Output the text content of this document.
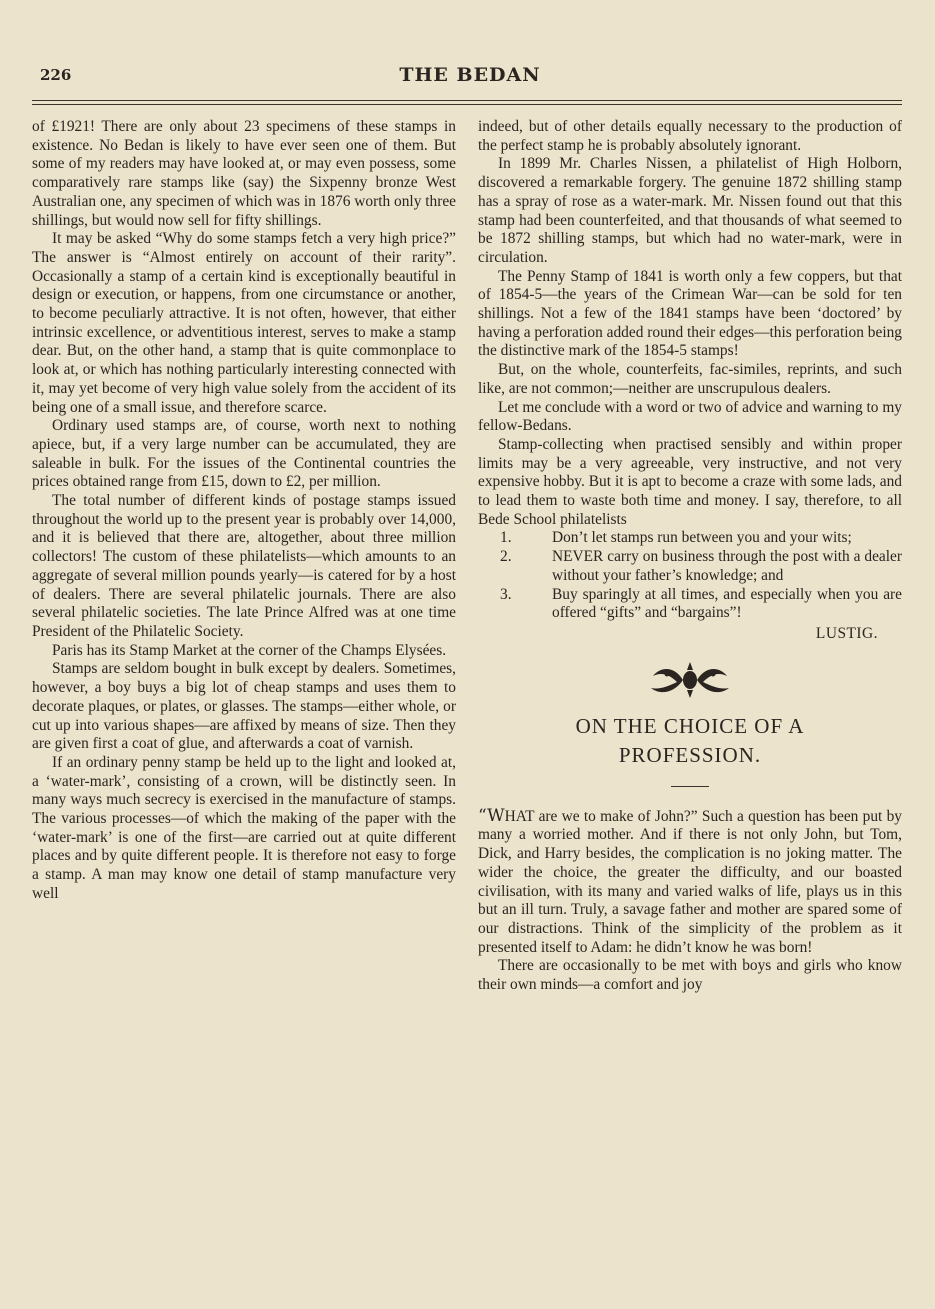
226	THE BEDAN

of £1921! There are only about 23 specimens of these stamps in existence. No Bedan is likely to have ever seen one of them. But some of my readers may have looked at, or may even possess, some comparatively rare stamps like (say) the Sixpenny bronze West Australian one, any specimen of which was in 1876 worth only three shillings, but would now sell for fifty shillings.

It may be asked “Why do some stamps fetch a very high price?” The answer is “Almost entirely on account of their rarity”. Occasionally a stamp of a certain kind is exceptionally beautiful in design or execution, or happens, from one circumstance or another, to become peculiarly attractive. It is not often, however, that either intrinsic excellence, or adventitious interest, serves to make a stamp dear. But, on the other hand, a stamp that is quite commonplace to look at, or which has nothing particularly interesting connected with it, may yet become of very high value solely from the accident of its being one of a small issue, and therefore scarce.

Ordinary used stamps are, of course, worth next to nothing apiece, but, if a very large number can be accumulated, they are saleable in bulk. For the issues of the Continental countries the prices obtained range from £15, down to £2, per million.

The total number of different kinds of postage stamps issued throughout the world up to the present year is probably over 14,000, and it is believed that there are, altogether, about three million collectors! The custom of these philatelists—which amounts to an aggregate of several million pounds yearly—is catered for by a host of dealers. There are several philatelic journals. There are also several philatelic societies. The late Prince Alfred was at one time President of the Philatelic Society.

Paris has its Stamp Market at the corner of the Champs Elysées.

Stamps are seldom bought in bulk except by dealers. Sometimes, however, a boy buys a big lot of cheap stamps and uses them to decorate plaques, or plates, or glasses. The stamps—either whole, or cut up into various shapes—are affixed by means of size. Then they are given first a coat of glue, and afterwards a coat of varnish.

If an ordinary penny stamp be held up to the light and looked at, a ‘water-mark’, consisting of a crown, will be distinctly seen. In many ways much secrecy is exercised in the manufacture of stamps. The various processes—of which the making of the paper with the ‘water-mark’ is one of the first—are carried out at quite different places and by quite different people. It is therefore not easy to forge a stamp. A man may know one detail of stamp manufacture very well

indeed, but of other details equally necessary to the production of the perfect stamp he is probably absolutely ignorant.

In 1899 Mr. Charles Nissen, a philatelist of High Holborn, discovered a remarkable forgery. The genuine 1872 shilling stamp has a spray of rose as a water-mark. Mr. Nissen found out that this stamp had been counterfeited, and that thousands of what seemed to be 1872 shilling stamps, but which had no water-mark, were in circulation.

The Penny Stamp of 1841 is worth only a few coppers, but that of 1854-5—the years of the Crimean War—can be sold for ten shillings. Not a few of the 1841 stamps have been ‘doctored’ by having a perforation added round their edges—this perforation being the distinctive mark of the 1854-5 stamps!

But, on the whole, counterfeits, fac-similes, reprints, and such like, are not common;—neither are unscrupulous dealers.

Let me conclude with a word or two of advice and warning to my fellow-Bedans.

Stamp-collecting when practised sensibly and within proper limits may be a very agreeable, very instructive, and not very expensive hobby. But it is apt to become a craze with some lads, and to lead them to waste both time and money. I say, therefore, to all Bede School philatelists

1.	Don’t let stamps run between you and your wits;
2.	NEVER carry on business through the post with a dealer without your father’s knowledge; and
3.	Buy sparingly at all times, and especially when you are offered “gifts” and “bargains”!
LUSTIG.
ON THE CHOICE OF A
PROFESSION.

“WHAT are we to make of John?” Such a question has been put by many a worried mother. And if there is not only John, but Tom, Dick, and Harry besides, the complication is no joking matter. The wider the choice, the greater the difficulty, and our boasted civilisation, with its many and varied walks of life, plays us in this but an ill turn. Truly, a savage father and mother are spared some of our distractions. Think of the simplicity of the problem as it presented itself to Adam: he didn’t know he was born!

There are occasionally to be met with boys and girls who know their own minds—a comfort and joy
